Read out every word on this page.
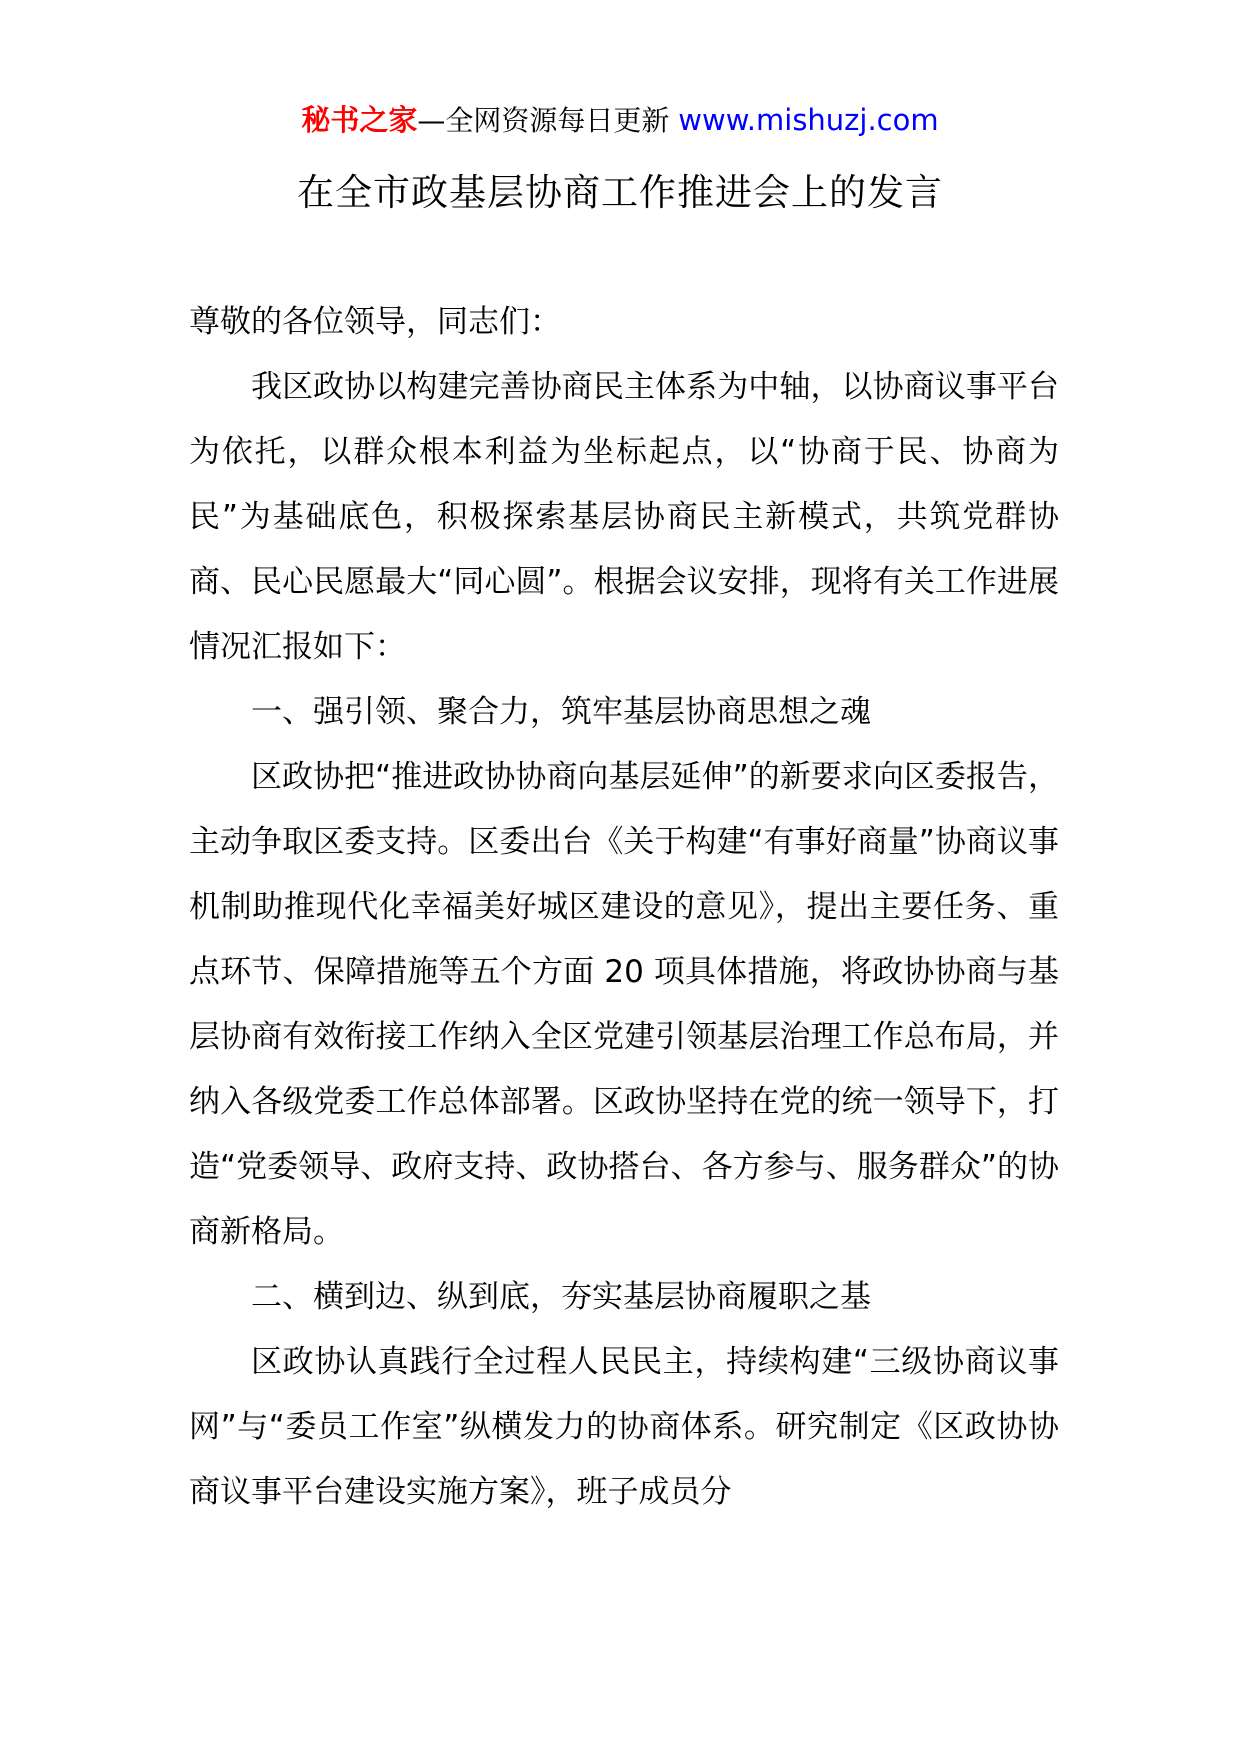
秘书之家—全网资源每日更新 www.mishuzj.com
在全市政基层协商工作推进会上的发言

尊敬的各位领导，同志们：

我区政协以构建完善协商民主体系为中轴，以协商议事平台为依托，以群众根本利益为坐标起点，以“协商于民、协商为民”为基础底色，积极探索基层协商民主新模式，共筑党群协商、民心民愿最大“同心圆”。根据会议安排，现将有关工作进展情况汇报如下：

一、强引领、聚合力，筑牢基层协商思想之魂

区政协把“推进政协协商向基层延伸”的新要求向区委报告，主动争取区委支持。区委出台《关于构建“有事好商量”协商议事机制助推现代化幸福美好城区建设的意见》，提出主要任务、重点环节、保障措施等五个方面 20 项具体措施，将政协协商与基层协商有效衔接工作纳入全区党建引领基层治理工作总布局，并纳入各级党委工作总体部署。区政协坚持在党的统一领导下，打造“党委领导、政府支持、政协搭台、各方参与、服务群众”的协商新格局。

二、横到边、纵到底，夯实基层协商履职之基

区政协认真践行全过程人民民主，持续构建“三级协商议事网”与“委员工作室”纵横发力的协商体系。研究制定《区政协协商议事平台建设实施方案》，班子成员分
